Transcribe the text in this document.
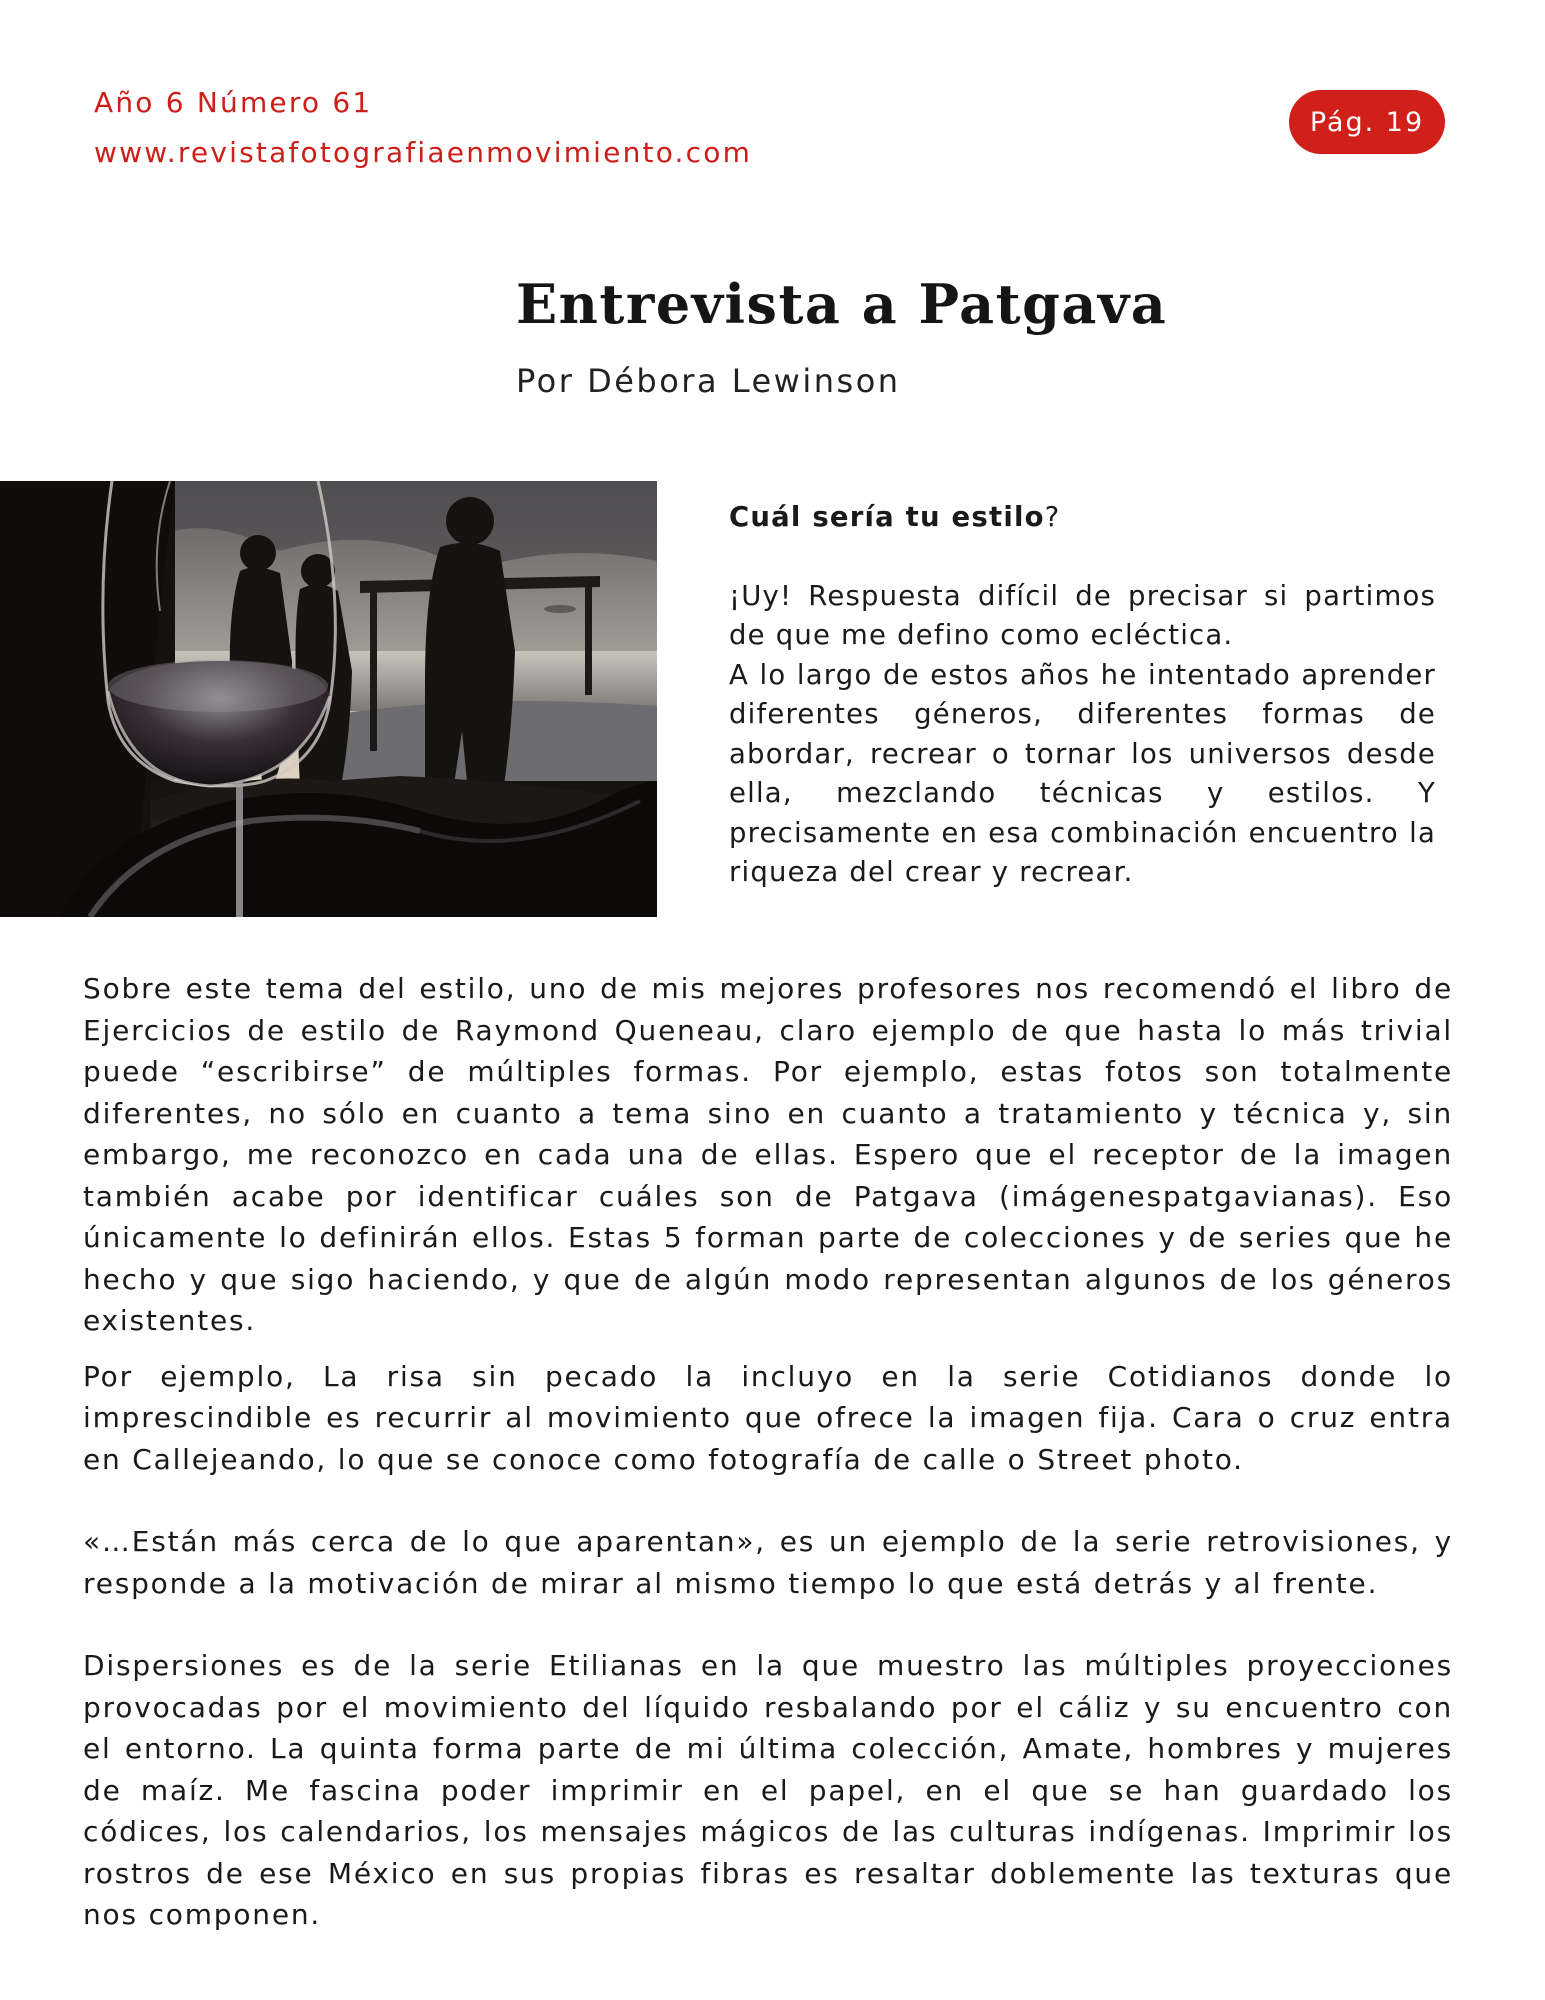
Año 6 Número 61
www.revistafotografiaenmovimiento.com
Pág. 19
Entrevista a Patgava
Por Débora Lewinson
Cuál sería tu estilo?

¡Uy! Respuesta difícil de precisar si partimos de que me defino como ecléctica.

A lo largo de estos años he intentado aprender diferentes géneros, diferentes formas de abordar, recrear o tornar los universos desde ella, mezclando técnicas y estilos. Y precisamente en esa combinación encuentro la riqueza del crear y recrear.

Sobre este tema del estilo, uno de mis mejores profesores nos recomendó el libro de Ejercicios de estilo de Raymond Queneau, claro ejemplo de que hasta lo más trivial puede “escribirse” de múltiples formas. Por ejemplo, estas fotos son totalmente diferentes, no sólo en cuanto a tema sino en cuanto a tratamiento y técnica y, sin embargo, me reconozco en cada una de ellas. Espero que el receptor de la imagen también acabe por identificar cuáles son de Patgava (imágenespatgavianas). Eso únicamente lo definirán ellos. Estas 5 forman parte de colecciones y de series que he hecho y que sigo haciendo, y que de algún modo representan algunos de los géneros existentes.

Por ejemplo, La risa sin pecado la incluyo en la serie Cotidianos donde lo imprescindible es recurrir al movimiento que ofrece la imagen fija. Cara o cruz entra en Callejeando, lo que se conoce como fotografía de calle o Street photo.

«…Están más cerca de lo que aparentan», es un ejemplo de la serie retrovisiones, y responde a la motivación de mirar al mismo tiempo lo que está detrás y al frente.

Dispersiones es de la serie Etilianas en la que muestro las múltiples proyecciones provocadas por el movimiento del líquido resbalando por el cáliz y su encuentro con el entorno. La quinta forma parte de mi última colección, Amate, hombres y mujeres de maíz. Me fascina poder imprimir en el papel, en el que se han guardado los códices, los calendarios, los mensajes mágicos de las culturas indígenas. Imprimir los rostros de ese México en sus propias fibras es resaltar doblemente las texturas que nos componen.
